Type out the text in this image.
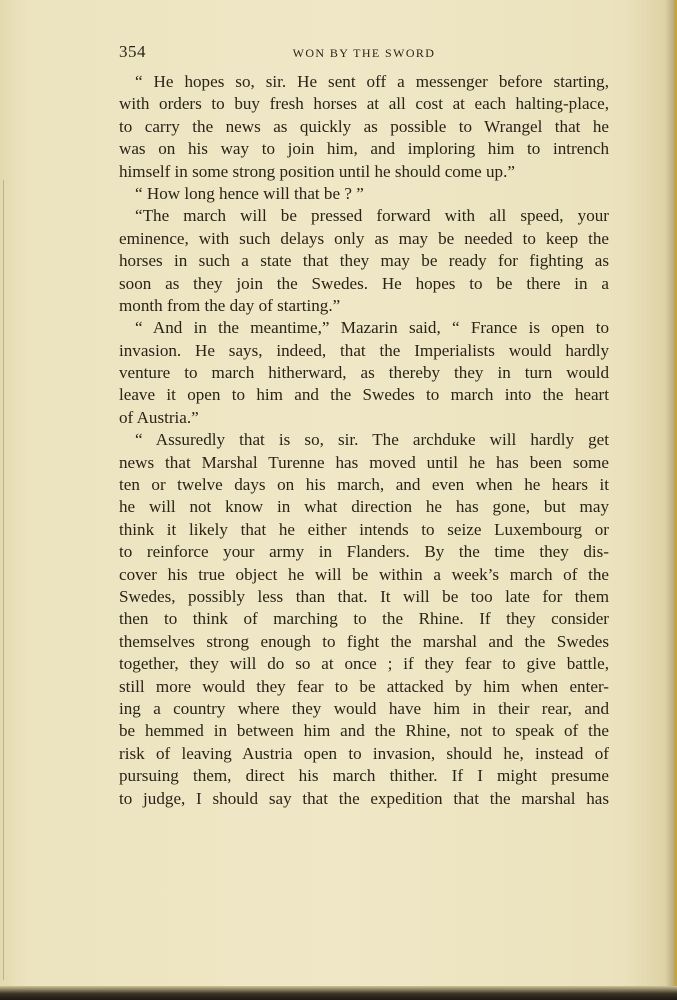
354	WON BY THE SWORD
“ He hopes so, sir. He sent off a messenger before starting,
with orders to buy fresh horses at all cost at each halting-place,
to carry the news as quickly as possible to Wrangel that he
was on his way to join him, and imploring him to intrench
himself in some strong position until he should come up.”
“ How long hence will that be ? ”
“The march will be pressed forward with all speed, your
eminence, with such delays only as may be needed to keep the
horses in such a state that they may be ready for fighting as
soon as they join the Swedes. He hopes to be there in a
month from the day of starting.”
“ And in the meantime,” Mazarin said, “ France is open to
invasion. He says, indeed, that the Imperialists would hardly
venture to march hitherward, as thereby they in turn would
leave it open to him and the Swedes to march into the heart
of Austria.”
“ Assuredly that is so, sir. The archduke will hardly get
news that Marshal Turenne has moved until he has been some
ten or twelve days on his march, and even when he hears it
he will not know in what direction he has gone, but may
think it likely that he either intends to seize Luxembourg or
to reinforce your army in Flanders. By the time they dis-
cover his true object he will be within a week’s march of the
Swedes, possibly less than that. It will be too late for them
then to think of marching to the Rhine. If they consider
themselves strong enough to fight the marshal and the Swedes
together, they will do so at once ; if they fear to give battle,
still more would they fear to be attacked by him when enter-
ing a country where they would have him in their rear, and
be hemmed in between him and the Rhine, not to speak of the
risk of leaving Austria open to invasion, should he, instead of
pursuing them, direct his march thither. If I might presume
to judge, I should say that the expedition that the marshal has
